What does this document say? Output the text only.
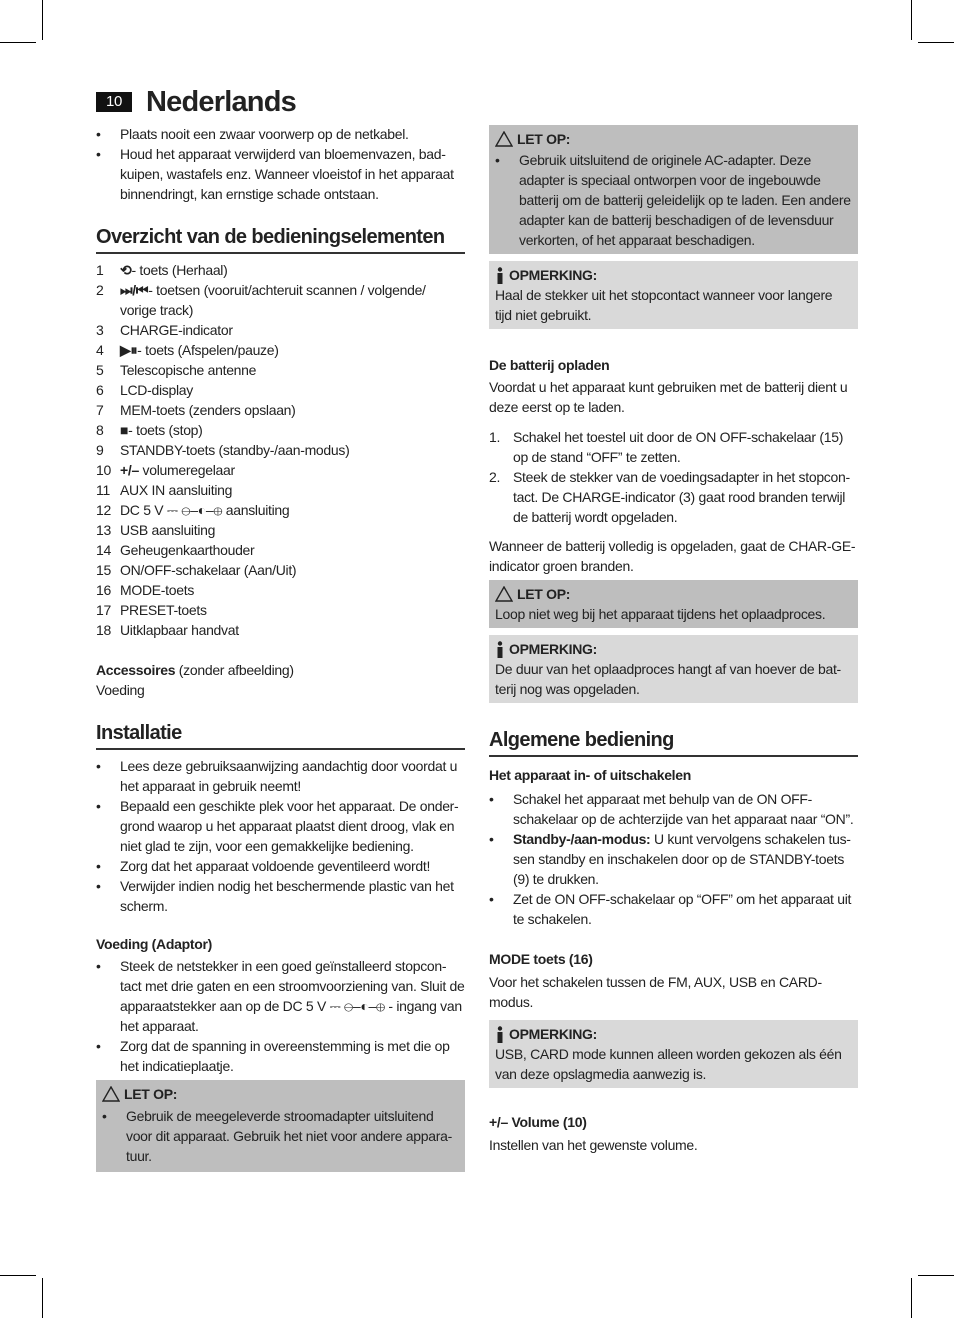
10 Nederlands
• Plaats nooit een zwaar voorwerp op de netkabel.
• Houd het apparaat verwijderd van bloemenvazen, bad-kuipen, wastafels enz. Wanneer vloeistof in het apparaat binnendringt, kan ernstige schade ontstaan.
Overzicht van de bedieningselementen
1 ⟲- toets (Herhaal)
2 ⏭/⏮- toetsen (vooruit/achteruit scannen / volgende/ vorige track)
3 CHARGE-indicator
4 ▶⏸- toets (Afspelen/pauze)
5 Telescopische antenne
6 LCD-display
7 MEM-toets (zenders opslaan)
8 ■- toets (stop)
9 STANDBY-toets (standby-/aan-modus)
10 +/– volumeregelaar
11 AUX IN aansluiting
12 DC 5 V ⎓ ⊖–◐–⊕ aansluiting
13 USB aansluiting
14 Geheugenkaarthouder
15 ON/OFF-schakelaar (Aan/Uit)
16 MODE-toets
17 PRESET-toets
18 Uitklapbaar handvat

Accessoires (zonder afbeelding)

Voeding

Installatie
• Lees deze gebruiksaanwijzing aandachtig door voordat u het apparaat in gebruik neemt!
• Bepaald een geschikte plek voor het apparaat. De onder-grond waarop u het apparaat plaatst dient droog, vlak en niet glad te zijn, voor een gemakkelijke bediening.
• Zorg dat het apparaat voldoende geventileerd wordt!
• Verwijder indien nodig het beschermende plastic van het scherm.

Voeding (Adaptor)

• Steek de netstekker in een goed geïnstalleerd stopcon-tact met drie gaten en een stroomvoorziening van. Sluit de apparaatstekker aan op de DC 5 V ⎓ ⊖–◐–⊕ - ingang van het apparaat.
• Zorg dat de spanning in overeenstemming is met die op het indicatieplaatje.
LET OP:
• Gebruik de meegeleverde stroomadapter uitsluitend voor dit apparaat. Gebruik het niet voor andere appara-tuur.
LET OP:
• Gebruik uitsluitend de originele AC-adapter. Deze adapter is speciaal ontworpen voor de ingebouwde batterij om de batterij geleidelijk op te laden. Een andere adapter kan de batterij beschadigen of de levensduur verkorten, of het apparaat beschadigen.
OPMERKING:

Haal de stekker uit het stopcontact wanneer voor langere tijd niet gebruikt.

De batterij opladen

Voordat u het apparaat kunt gebruiken met de batterij dient u deze eerst op te laden.

1. Schakel het toestel uit door de ON OFF-schakelaar (15) op de stand “OFF” te zetten.
2. Steek de stekker van de voedingsadapter in het stopcon-tact. De CHARGE-indicator (3) gaat rood branden terwijl de batterij wordt opgeladen.

Wanneer de batterij volledig is opgeladen, gaat de CHAR-GE-indicator groen branden.

LET OP:

Loop niet weg bij het apparaat tijdens het oplaadproces.

OPMERKING:

De duur van het oplaadproces hangt af van hoever de bat-terij nog was opgeladen.

Algemene bediening

Het apparaat in- of uitschakelen

• Schakel het apparaat met behulp van de ON OFF-schakelaar op de achterzijde van het apparaat naar “ON”.
• Standby-/aan-modus: U kunt vervolgens schakelen tus-sen standby en inschakelen door op de STANDBY-toets (9) te drukken.
• Zet de ON OFF-schakelaar op “OFF” om het apparaat uit te schakelen.

MODE toets (16)

Voor het schakelen tussen de FM, AUX, USB en CARD-modus.

OPMERKING:

USB, CARD mode kunnen alleen worden gekozen als één van deze opslagmedia aanwezig is.

+/– Volume (10)

Instellen van het gewenste volume.
